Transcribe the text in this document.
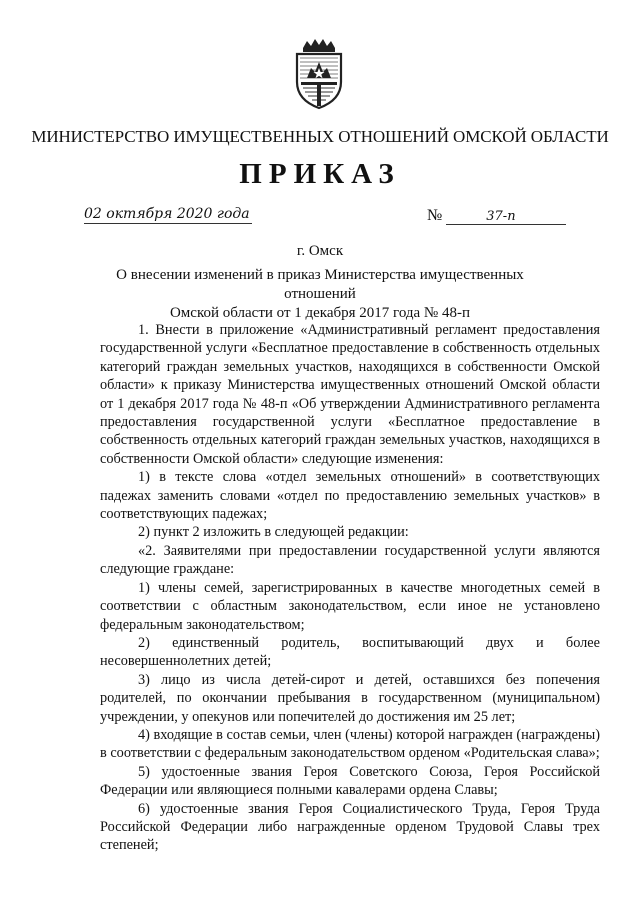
МИНИСТЕРСТВО ИМУЩЕСТВЕННЫХ ОТНОШЕНИЙ ОМСКОЙ ОБЛАСТИ
ПРИКАЗ
02 октября 2020 года	№	37-п
г. Омск
О внесении изменений в приказ Министерства имущественных отношений
Омской области от 1 декабря 2017 года № 48-п

1. Внести в приложение «Административный регламент предоставления государственной услуги «Бесплатное предоставление в собственность отдельных категорий граждан земельных участков, находящихся в собственности Омской области» к приказу Министерства имущественных отношений Омской области от 1 декабря 2017 года № 48-п «Об утверждении Административного регламента предоставления государственной услуги «Бесплатное предоставление в собственность отдельных категорий граждан земельных участков, находящихся в собственности Омской области» следующие изменения:

1) в тексте слова «отдел земельных отношений» в соответствующих падежах заменить словами «отдел по предоставлению земельных участков» в соответствующих падежах;

2) пункт 2 изложить в следующей редакции:

«2. Заявителями при предоставлении государственной услуги являются следующие граждане:

1) члены семей, зарегистрированных в качестве многодетных семей в соответствии с областным законодательством, если иное не установлено федеральным законодательством;

2) единственный родитель, воспитывающий двух и более несовершеннолетних детей;

3) лицо из числа детей-сирот и детей, оставшихся без попечения родителей, по окончании пребывания в государственном (муниципальном) учреждении, у опекунов или попечителей до достижения им 25 лет;

4) входящие в состав семьи, член (члены) которой награжден (награждены) в соответствии с федеральным законодательством орденом «Родительская слава»;

5) удостоенные звания Героя Советского Союза, Героя Российской Федерации или являющиеся полными кавалерами ордена Славы;

6) удостоенные звания Героя Социалистического Труда, Героя Труда Российской Федерации либо награжденные орденом Трудовой Славы трех степеней;
